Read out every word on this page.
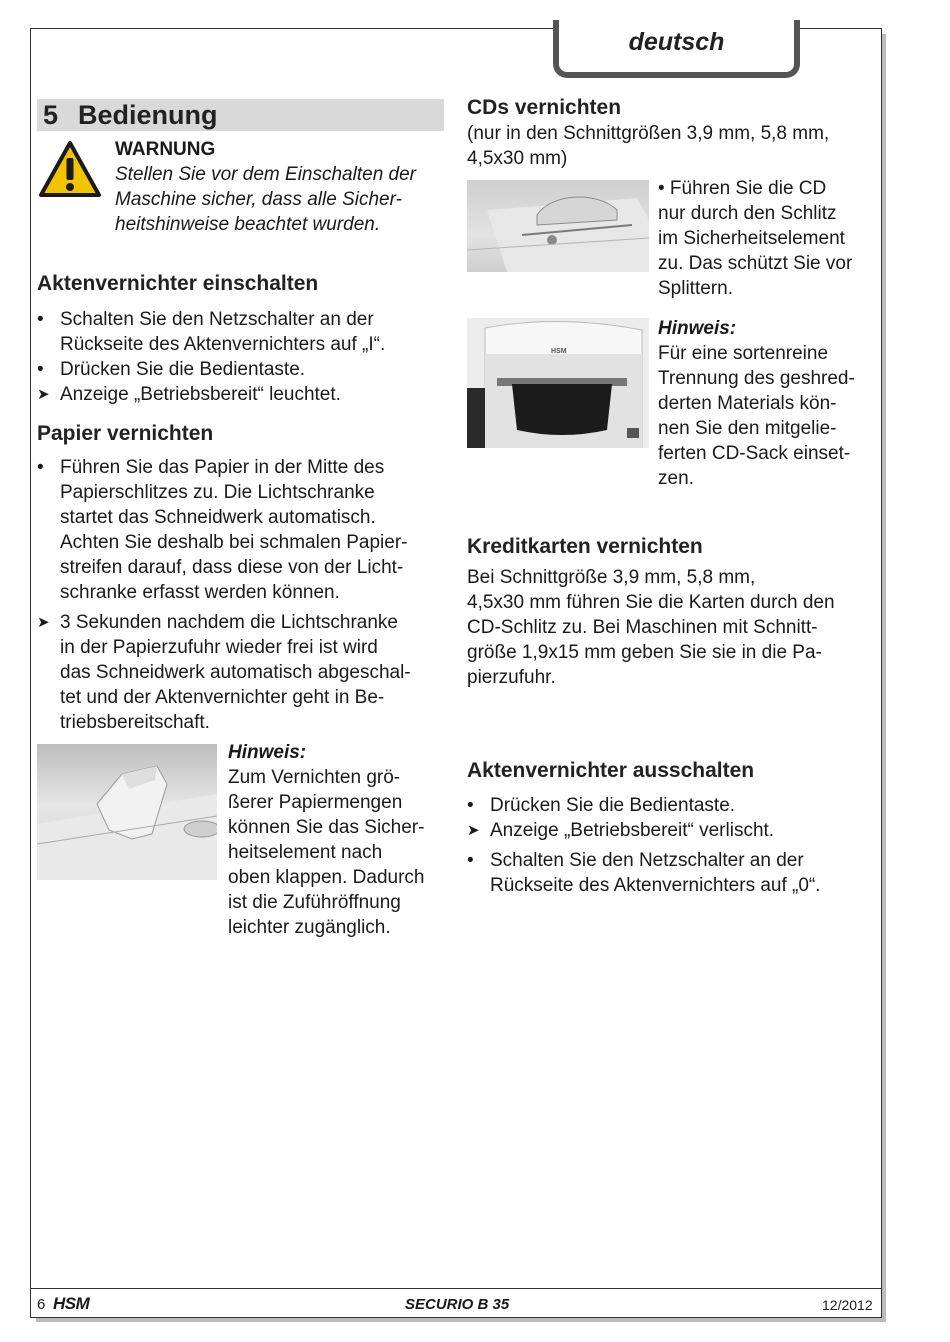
deutsch
5 Bedienung
WARNUNG
Stellen Sie vor dem Einschalten der
Maschine sicher, dass alle Sicher-
heitshinweise beachtet wurden.
Aktenvernichter einschalten
• Schalten Sie den Netzschalter an der
Rückseite des Aktenvernichters auf „I“.
• Drücken Sie die Bedientaste.
➤ Anzeige „Betriebsbereit“ leuchtet.
Papier vernichten
• Führen Sie das Papier in der Mitte des
Papierschlitzes zu. Die Lichtschranke
startet das Schneidwerk automatisch.
Achten Sie deshalb bei schmalen Papier-
streifen darauf, dass diese von der Licht-
schranke erfasst werden können.
➤ 3 Sekunden nachdem die Lichtschranke
in der Papierzufuhr wieder frei ist wird
das Schneidwerk automatisch abgeschal-
tet und der Aktenvernichter geht in Be-
triebsbereitschaft.
Hinweis:
Zum Vernichten grö-
ßerer Papiermengen
können Sie das Sicher-
heitselement nach
oben klappen. Dadurch
ist die Zuführöffnung
leichter zugänglich.
CDs vernichten
(nur in den Schnittgrößen 3,9 mm, 5,8 mm,
4,5x30 mm)
• Führen Sie die CD
nur durch den Schlitz
im Sicherheitselement
zu. Das schützt Sie vor
Splittern.
HSM
Hinweis:
Für eine sortenreine
Trennung des geshred-
derten Materials kön-
nen Sie den mitgelie-
ferten CD-Sack einset-
zen.
Kreditkarten vernichten
Bei Schnittgröße 3,9 mm, 5,8 mm,
4,5x30 mm führen Sie die Karten durch den
CD-Schlitz zu. Bei Maschinen mit Schnitt-
größe 1,9x15 mm geben Sie sie in die Pa-
pierzufuhr.
Aktenvernichter ausschalten
• Drücken Sie die Bedientaste.
➤ Anzeige „Betriebsbereit“ verlischt.
• Schalten Sie den Netzschalter an der
Rückseite des Aktenvernichters auf „0“.
6 HSM	SECURIO B 35	12/2012
